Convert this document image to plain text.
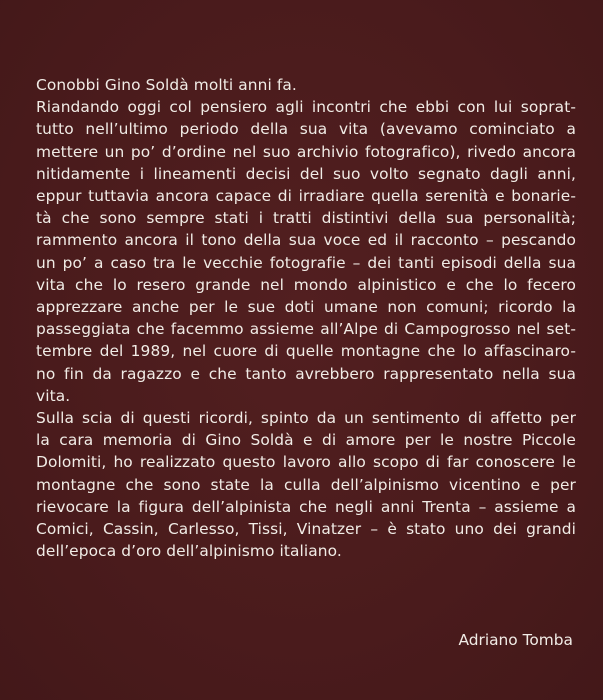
Conobbi Gino Soldà molti anni fa.
Riandando oggi col pensiero agli incontri che ebbi con lui soprat-
tutto nell’ultimo periodo della sua vita (avevamo cominciato a
mettere un po’ d’ordine nel suo archivio fotografico), rivedo ancora
nitidamente i lineamenti decisi del suo volto segnato dagli anni,
eppur tuttavia ancora capace di irradiare quella serenità e bonarie-
tà che sono sempre stati i tratti distintivi della sua personalità;
rammento ancora il tono della sua voce ed il racconto – pescando
un po’ a caso tra le vecchie fotografie – dei tanti episodi della sua
vita che lo resero grande nel mondo alpinistico e che lo fecero
apprezzare anche per le sue doti umane non comuni; ricordo la
passeggiata che facemmo assieme all’Alpe di Campogrosso nel set-
tembre del 1989, nel cuore di quelle montagne che lo affascinaro-
no fin da ragazzo e che tanto avrebbero rappresentato nella sua
vita.
Sulla scia di questi ricordi, spinto da un sentimento di affetto per
la cara memoria di Gino Soldà e di amore per le nostre Piccole
Dolomiti, ho realizzato questo lavoro allo scopo di far conoscere le
montagne che sono state la culla dell’alpinismo vicentino e per
rievocare la figura dell’alpinista che negli anni Trenta – assieme a
Comici, Cassin, Carlesso, Tissi, Vinatzer – è stato uno dei grandi
dell’epoca d’oro dell’alpinismo italiano.
Adriano Tomba
